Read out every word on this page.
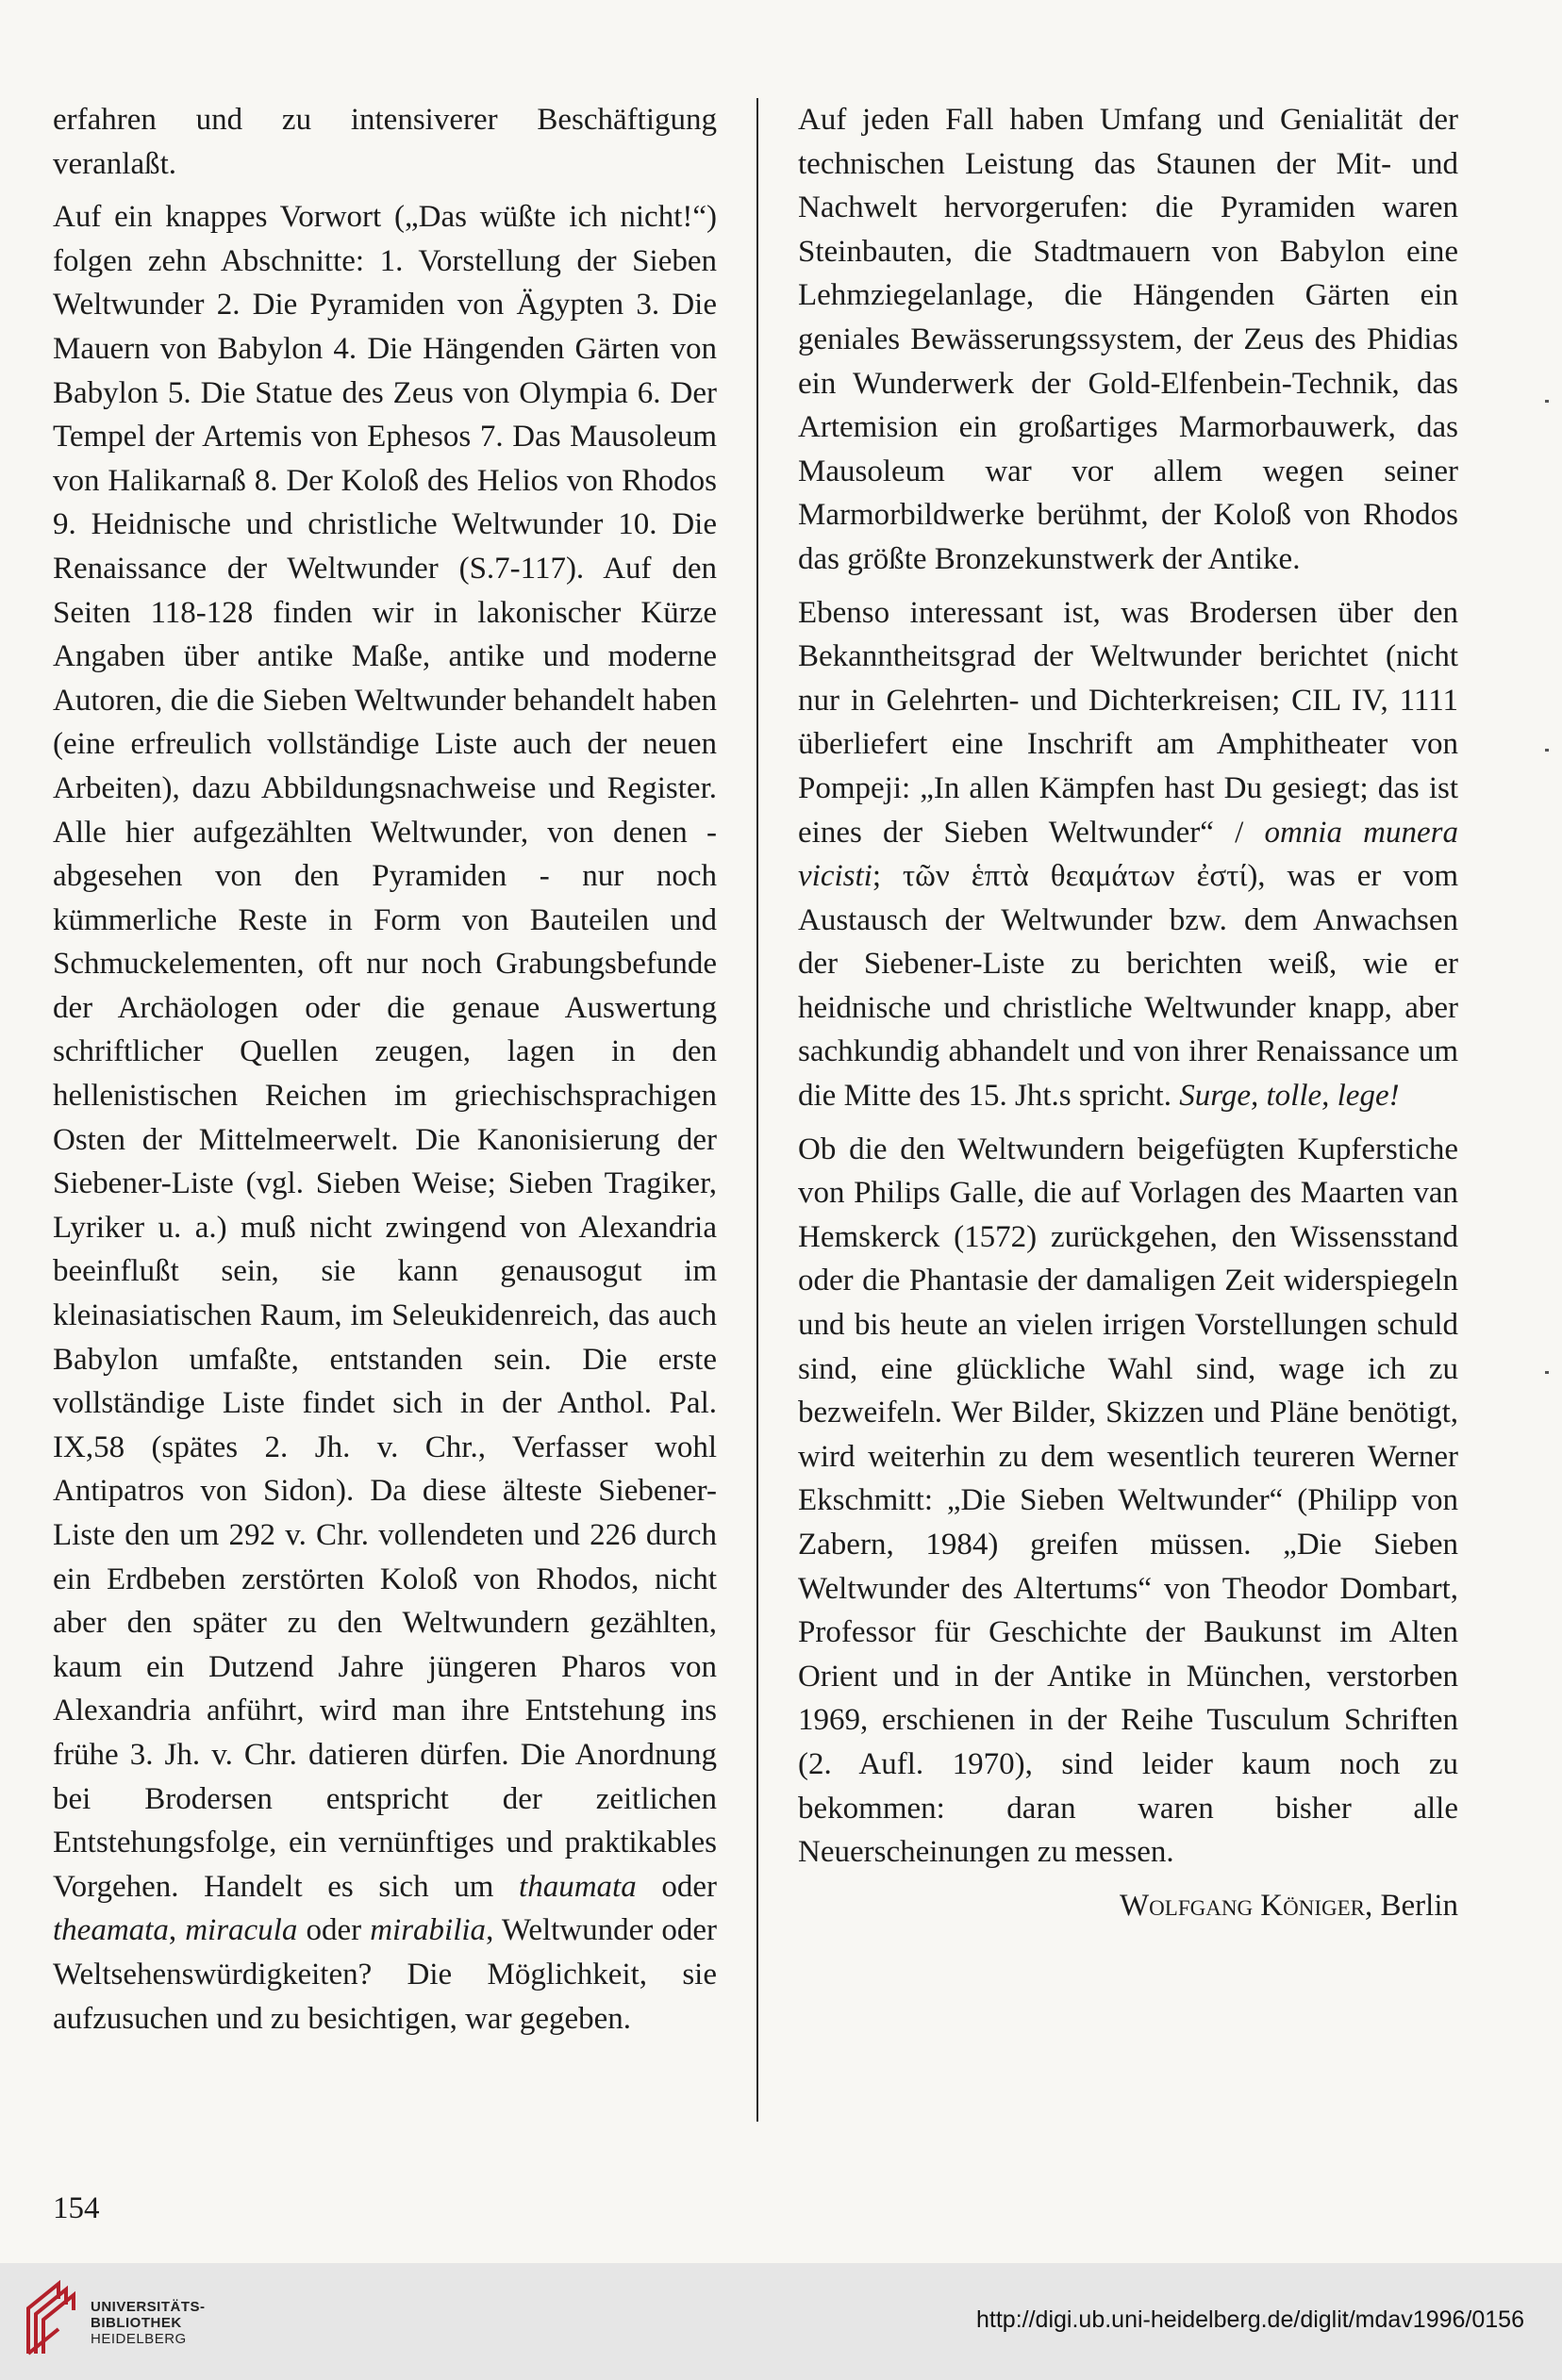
erfahren und zu intensiverer Beschäftigung veranlaßt.

Auf ein knappes Vorwort („Das wüßte ich nicht!“) folgen zehn Abschnitte: 1. Vorstellung der Sieben Weltwunder 2. Die Pyramiden von Ägypten 3. Die Mauern von Babylon 4. Die Hängenden Gärten von Babylon 5. Die Statue des Zeus von Olympia 6. Der Tempel der Artemis von Ephesos 7. Das Mausoleum von Halikarnaß 8. Der Koloß des Helios von Rhodos 9. Heidnische und christliche Weltwunder 10. Die Renaissance der Weltwunder (S.7-117). Auf den Seiten 118-128 finden wir in lakonischer Kürze Angaben über antike Maße, antike und moderne Autoren, die die Sieben Weltwunder behandelt haben (eine erfreulich vollständige Liste auch der neuen Arbeiten), dazu Abbildungsnachweise und Register. Alle hier aufgezählten Weltwunder, von denen - abgesehen von den Pyramiden - nur noch kümmerliche Reste in Form von Bauteilen und Schmuckelementen, oft nur noch Grabungsbefunde der Archäologen oder die genaue Auswertung schriftlicher Quellen zeugen, lagen in den hellenistischen Reichen im griechischsprachigen Osten der Mittelmeerwelt. Die Kanonisierung der Siebener-Liste (vgl. Sieben Weise; Sieben Tragiker, Lyriker u. a.) muß nicht zwingend von Alexandria beeinflußt sein, sie kann genausogut im kleinasiatischen Raum, im Seleukidenreich, das auch Babylon umfaßte, entstanden sein. Die erste vollständige Liste findet sich in der Anthol. Pal. IX,58 (spätes 2. Jh. v. Chr., Verfasser wohl Antipatros von Sidon). Da diese älteste Siebener-Liste den um 292 v. Chr. vollendeten und 226 durch ein Erdbeben zerstörten Koloß von Rhodos, nicht aber den später zu den Weltwundern gezählten, kaum ein Dutzend Jahre jüngeren Pharos von Alexandria anführt, wird man ihre Entstehung ins frühe 3. Jh. v. Chr. datieren dürfen. Die Anordnung bei Brodersen entspricht der zeitlichen Entstehungsfolge, ein vernünftiges und praktikables Vorgehen. Handelt es sich um thaumata oder theamata, miracula oder mirabilia, Weltwunder oder Weltsehenswürdigkeiten? Die Möglichkeit, sie aufzusuchen und zu besichtigen, war gegeben.

Auf jeden Fall haben Umfang und Genialität der technischen Leistung das Staunen der Mit- und Nachwelt hervorgerufen: die Pyramiden waren Steinbauten, die Stadtmauern von Babylon eine Lehmziegelanlage, die Hängenden Gärten ein geniales Bewässerungssystem, der Zeus des Phidias ein Wunderwerk der Gold-Elfenbein-Technik, das Artemision ein großartiges Marmorbauwerk, das Mausoleum war vor allem wegen seiner Marmorbildwerke berühmt, der Koloß von Rhodos das größte Bronzekunstwerk der Antike.

Ebenso interessant ist, was Brodersen über den Bekanntheitsgrad der Weltwunder berichtet (nicht nur in Gelehrten- und Dichterkreisen; CIL IV, 1111 überliefert eine Inschrift am Amphitheater von Pompeji: „In allen Kämpfen hast Du gesiegt; das ist eines der Sieben Weltwunder“ / omnia munera vicisti; τῶν ἑπτὰ θεαμάτων ἐστί), was er vom Austausch der Weltwunder bzw. dem Anwachsen der Siebener-Liste zu berichten weiß, wie er heidnische und christliche Weltwunder knapp, aber sachkundig abhandelt und von ihrer Renaissance um die Mitte des 15. Jht.s spricht. Surge, tolle, lege!

Ob die den Weltwundern beigefügten Kupferstiche von Philips Galle, die auf Vorlagen des Maarten van Hemskerck (1572) zurückgehen, den Wissensstand oder die Phantasie der damaligen Zeit widerspiegeln und bis heute an vielen irrigen Vorstellungen schuld sind, eine glückliche Wahl sind, wage ich zu bezweifeln. Wer Bilder, Skizzen und Pläne benötigt, wird weiterhin zu dem wesentlich teureren Werner Ekschmitt: „Die Sieben Weltwunder“ (Philipp von Zabern, 1984) greifen müssen. „Die Sieben Weltwunder des Altertums“ von Theodor Dombart, Professor für Geschichte der Baukunst im Alten Orient und in der Antike in München, verstorben 1969, erschienen in der Reihe Tusculum Schriften (2. Aufl. 1970), sind leider kaum noch zu bekommen: daran waren bisher alle Neuerscheinungen zu messen.

Wolfgang Königer, Berlin
154
UNIVERSITÄTS-
BIBLIOTHEK
HEIDELBERG
http://digi.ub.uni-heidelberg.de/diglit/mdav1996/0156
